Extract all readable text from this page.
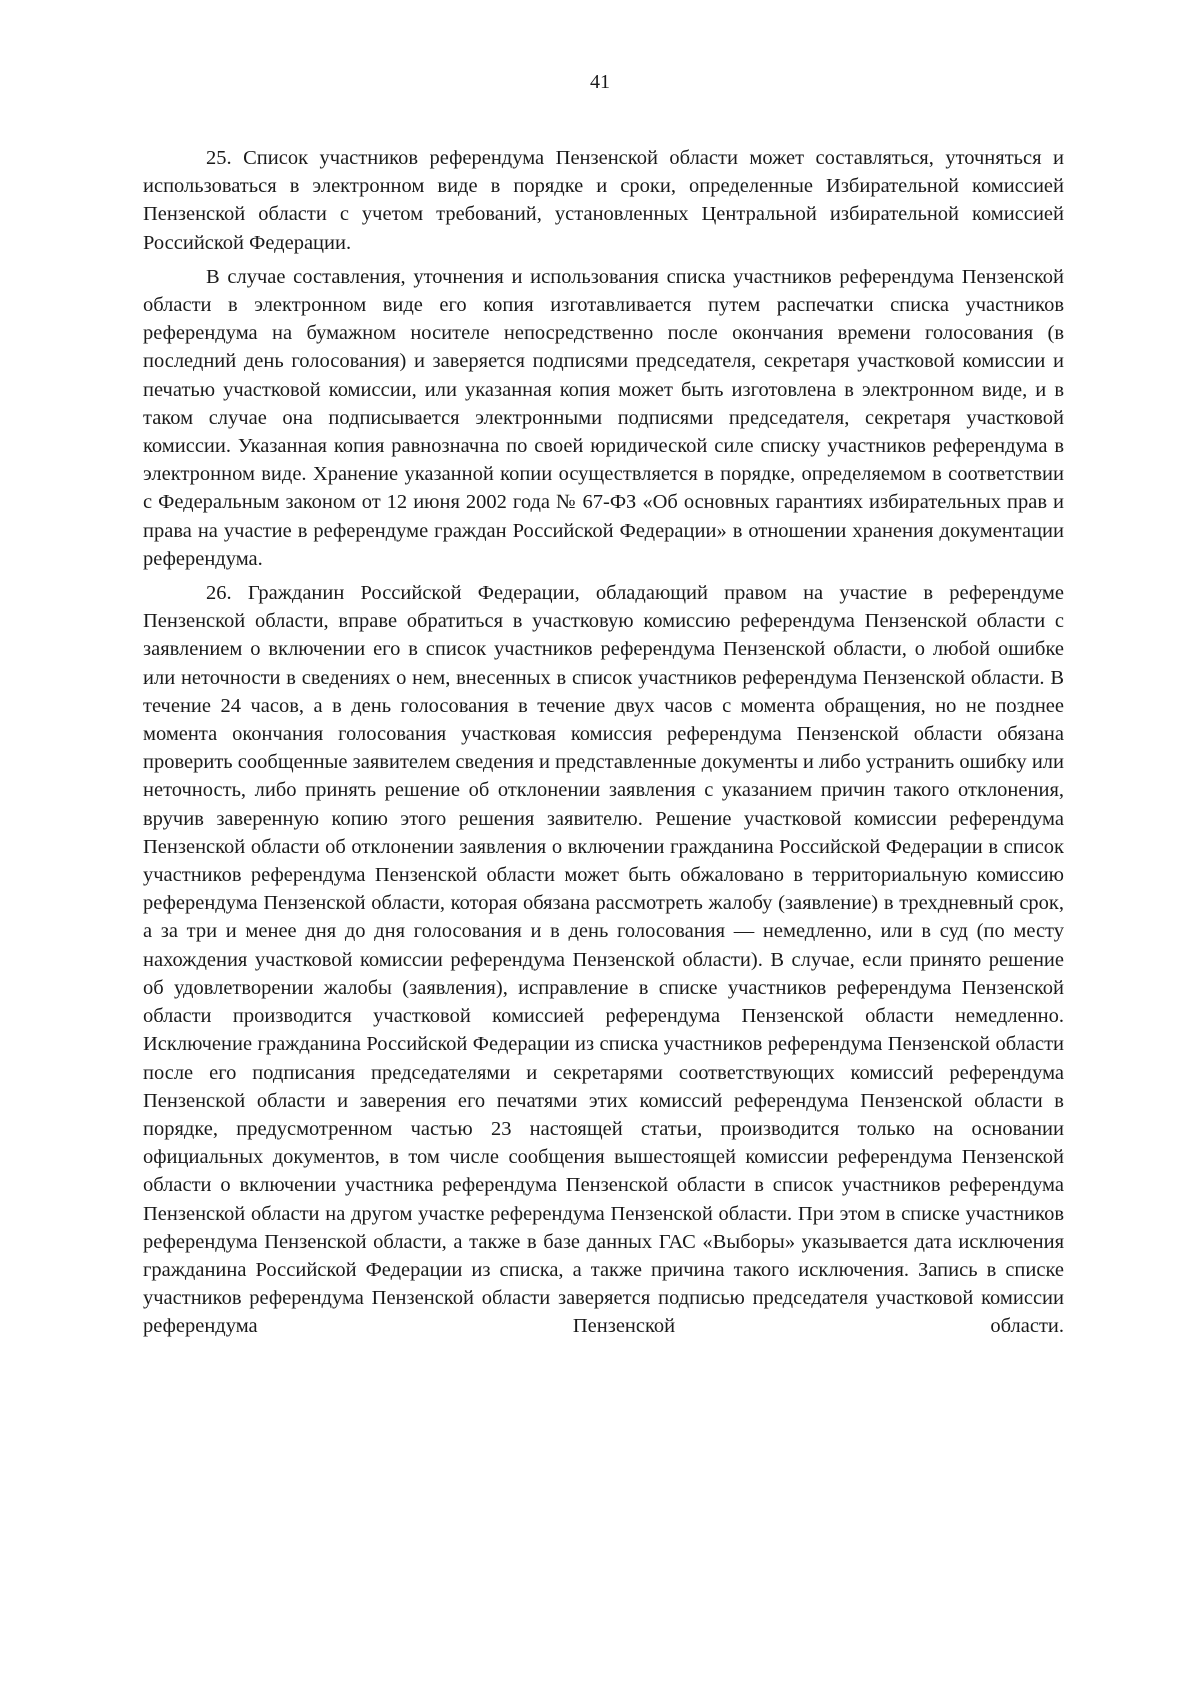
41

25. Список участников референдума Пензенской области может составляться, уточняться и использоваться в электронном виде в порядке и сроки, определенные Избирательной комиссией Пензенской области с учетом требований, установленных Центральной избирательной комиссией Российской Федерации.

В случае составления, уточнения и использования списка участников референдума Пензенской области в электронном виде его копия изготавливается путем распечатки списка участников референдума на бумажном носителе непосредственно после окончания времени голосования (в последний день голосования) и заверяется подписями председателя, секретаря участковой комиссии и печатью участковой комиссии, или указанная копия может быть изготовлена в электронном виде, и в таком случае она подписывается электронными подписями председателя, секретаря участковой комиссии. Указанная копия равнозначна по своей юридической силе списку участников референдума в электронном виде. Хранение указанной копии осуществляется в порядке, определяемом в соответствии с Федеральным законом от 12 июня 2002 года № 67-ФЗ «Об основных гарантиях избирательных прав и права на участие в референдуме граждан Российской Федерации» в отношении хранения документации референдума.

26. Гражданин Российской Федерации, обладающий правом на участие в референдуме Пензенской области, вправе обратиться в участковую комиссию референдума Пензенской области с заявлением о включении его в список участников референдума Пензенской области, о любой ошибке или неточности в сведениях о нем, внесенных в список участников референдума Пензенской области. В течение 24 часов, а в день голосования в течение двух часов с момента обращения, но не позднее момента окончания голосования участковая комиссия референдума Пензенской области обязана проверить сообщенные заявителем сведения и представленные документы и либо устранить ошибку или неточность, либо принять решение об отклонении заявления с указанием причин такого отклонения, вручив заверенную копию этого решения заявителю. Решение участковой комиссии референдума Пензенской области об отклонении заявления о включении гражданина Российской Федерации в список участников референдума Пензенской области может быть обжаловано в территориальную комиссию референдума Пензенской области, которая обязана рассмотреть жалобу (заявление) в трехдневный срок, а за три и менее дня до дня голосования и в день голосования — немедленно, или в суд (по месту нахождения участковой комиссии референдума Пензенской области). В случае, если принято решение об удовлетворении жалобы (заявления), исправление в списке участников референдума Пензенской области производится участковой комиссией референдума Пензенской области немедленно. Исключение гражданина Российской Федерации из списка участников референдума Пензенской области после его подписания председателями и секретарями соответствующих комиссий референдума Пензенской области и заверения его печатями этих комиссий референдума Пензенской области в порядке, предусмотренном частью 23 настоящей статьи, производится только на основании официальных документов, в том числе сообщения вышестоящей комиссии референдума Пензенской области о включении участника референдума Пензенской области в список участников референдума Пензенской области на другом участке референдума Пензенской области. При этом в списке участников референдума Пензенской области, а также в базе данных ГАС «Выборы» указывается дата исключения гражданина Российской Федерации из списка, а также причина такого исключения. Запись в списке участников референдума Пензенской области заверяется подписью председателя участковой комиссии референдума Пензенской области.
